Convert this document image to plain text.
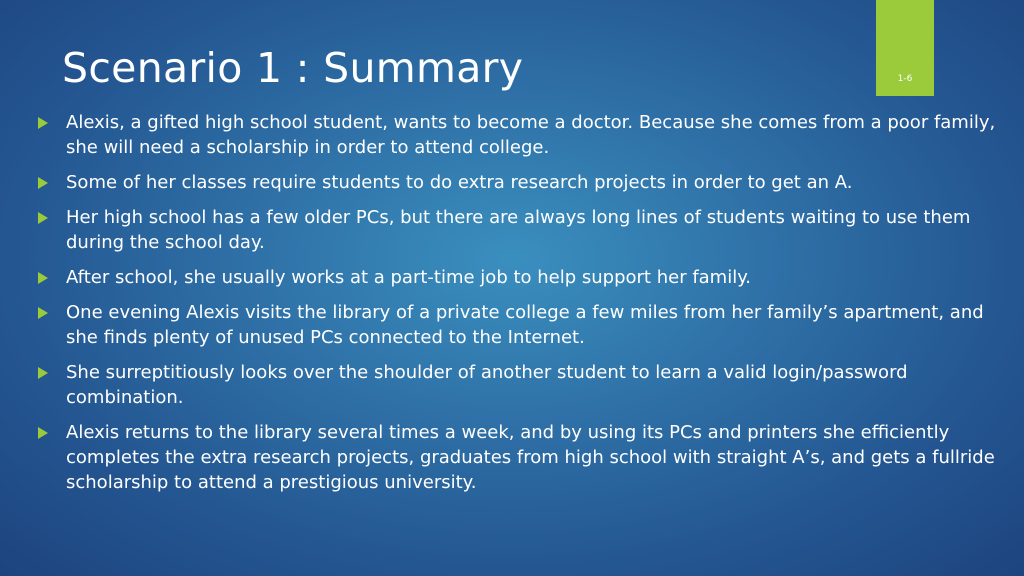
1-6
Scenario 1 : Summary
Alexis, a gifted high school student, wants to become a doctor. Because she comes from a poor family, she will need a scholarship in order to attend college.
Some of her classes require students to do extra research projects in order to get an A.
Her high school has a few older PCs, but there are always long lines of students waiting to use them during the school day.
After school, she usually works at a part-time job to help support her family.
One evening Alexis visits the library of a private college a few miles from her family’s apartment, and she finds plenty of unused PCs connected to the Internet.
She surreptitiously looks over the shoulder of another student to learn a valid login/password combination.
Alexis returns to the library several times a week, and by using its PCs and printers she efficiently completes the extra research projects, graduates from high school with straight A’s, and gets a fullride scholarship to attend a prestigious university.
